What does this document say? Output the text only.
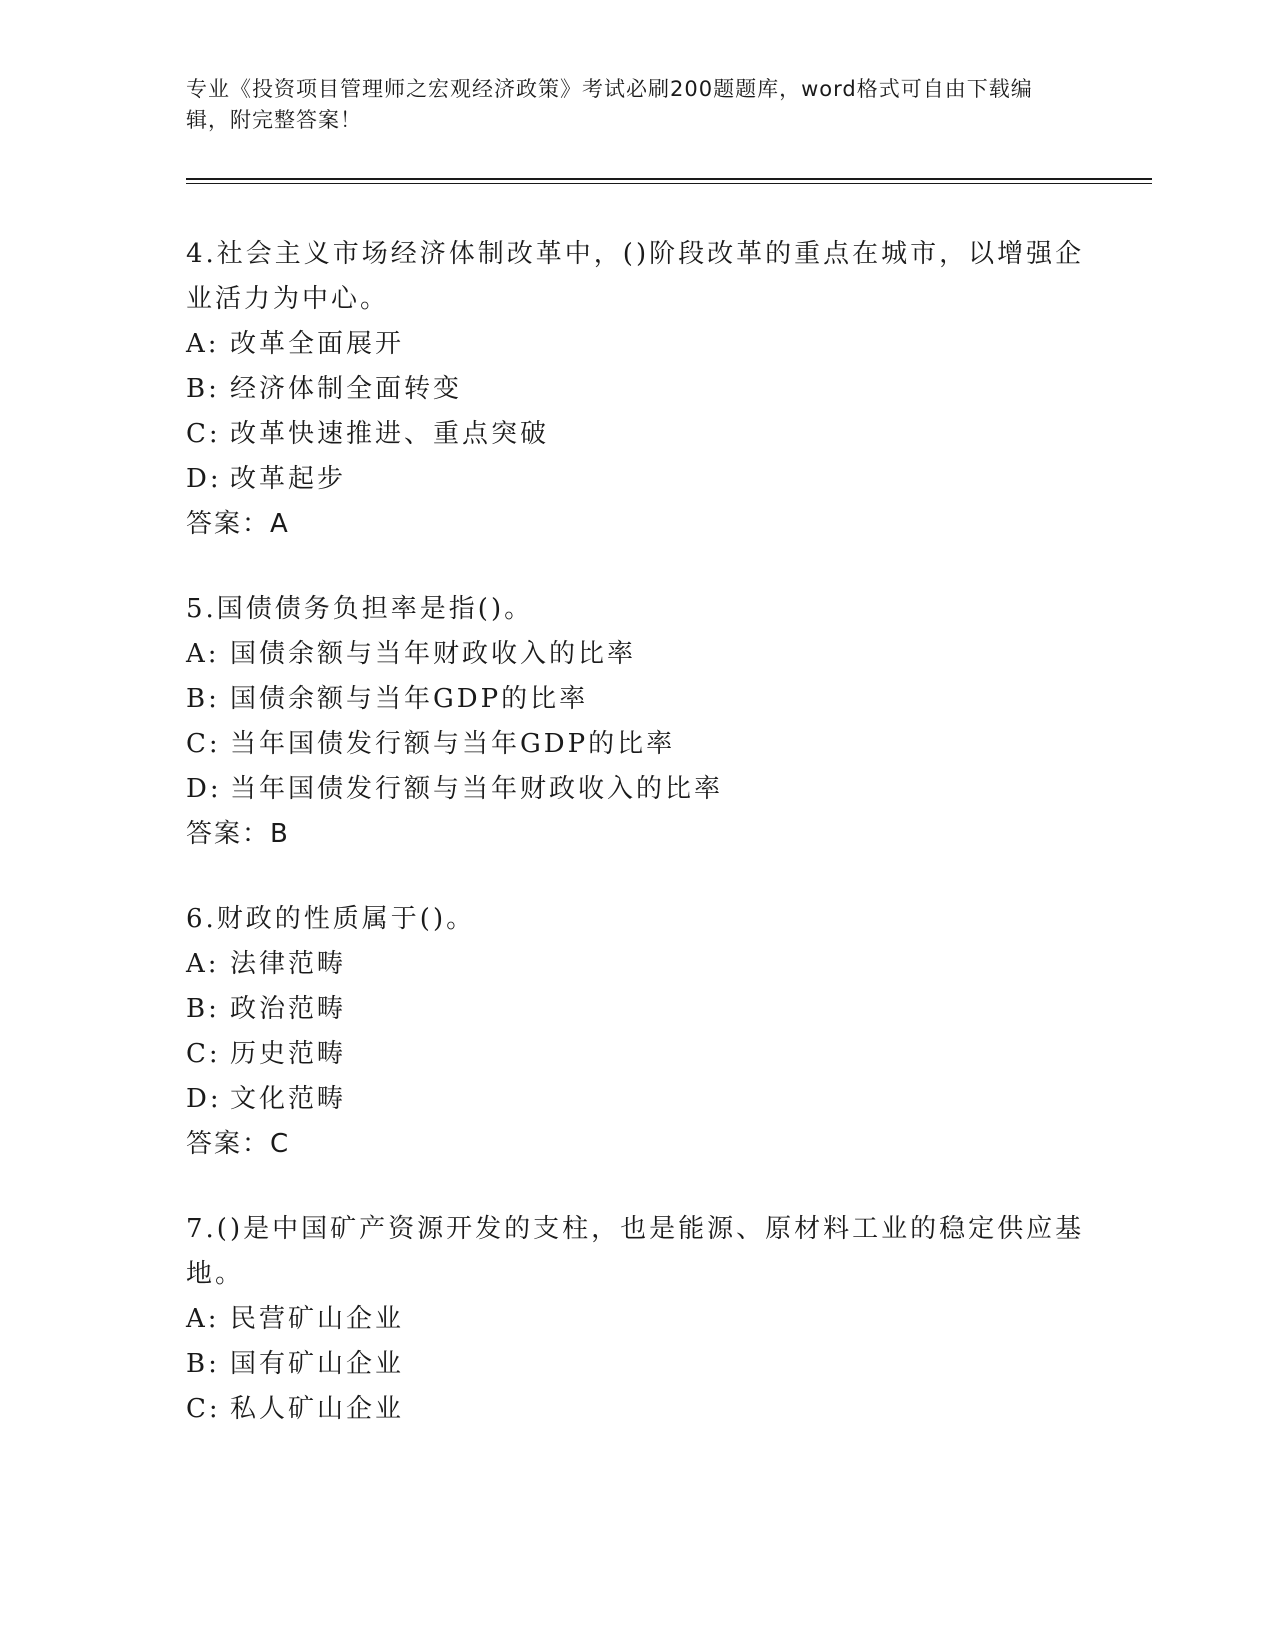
专业《投资项目管理师之宏观经济政策》考试必刷200题题库，word格式可自由下载编辑，附完整答案！

4.社会主义市场经济体制改革中，()阶段改革的重点在城市，以增强企业活力为中心。

A: 改革全面展开

B: 经济体制全面转变

C: 改革快速推进、重点突破

D: 改革起步

答案：A

5.国债债务负担率是指()。

A: 国债余额与当年财政收入的比率

B: 国债余额与当年GDP的比率

C: 当年国债发行额与当年GDP的比率

D: 当年国债发行额与当年财政收入的比率

答案：B

6.财政的性质属于()。

A: 法律范畴

B: 政治范畴

C: 历史范畴

D: 文化范畴

答案：C

7.()是中国矿产资源开发的支柱，也是能源、原材料工业的稳定供应基地。

A: 民营矿山企业

B: 国有矿山企业

C: 私人矿山企业
